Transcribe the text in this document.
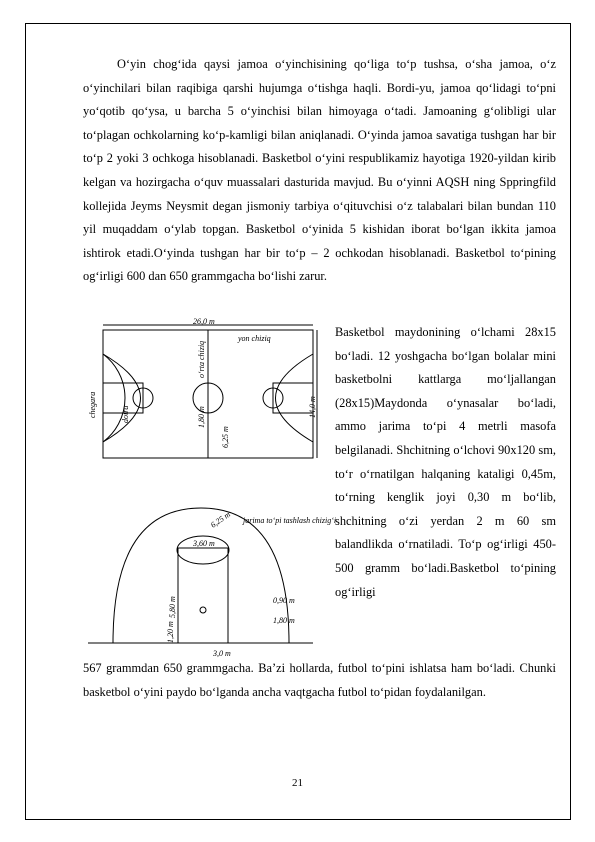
O‘yin chog‘ida qaysi jamoa o‘yinchisining qo‘liga to‘p tushsa, o‘sha jamoa, o‘z o‘yinchilari bilan raqibiga qarshi hujumga o‘tishga haqli. Bordi-yu, jamoa qo‘lidagi to‘pni yo‘qotib qo‘ysa, u barcha 5 o‘yinchisi bilan himoyaga o‘tadi. Jamoaning g‘olibligi ular to‘plagan ochkolarning ko‘p-kamligi bilan aniqlanadi. O‘yinda jamoa savatiga tushgan har bir to‘p 2 yoki 3 ochkoga hisoblanadi. Basketbol o‘yini respublikamiz hayotiga 1920-yildan kirib kelgan va hozirgacha o‘quv muassalari dasturida mavjud. Bu o‘yinni AQSH ning Sppringfild kollejida Jeyms Neysmit degan jismoniy tarbiya o‘qituvchisi o‘z talabalari bilan bundan 110 yil muqaddam o‘ylab topgan. Basketbol o‘yinida 5 kishidan iborat bo‘lgan ikkita jamoa ishtirok etadi.O‘yinda tushgan har bir to‘p – 2 ochkodan hisoblanadi. Basketbol to‘pining og‘irligi 600 dan 650 grammgacha bo‘lishi zarur.

26,0 m
yon chiziq
14,0 m
o‘rta chiziq
1,80 m
6,25 m
chegara	doira
3,60 m
jarima to‘pi tashlash chizig‘i
5,80 m
3,0 m
1,20 m
0,90 m
1,80 m
6,25 m

Basketbol maydonining o‘lchami 28x15 bo‘ladi. 12 yoshgacha bo‘lgan bolalar mini basketbolni kattlarga mo‘ljallangan (28x15)Maydonda o‘ynasalar bo‘ladi, ammo jarima to‘pi 4 metrli masofa belgilanadi. Shchitning o‘lchovi 90x120 sm, to‘r o‘rnatilgan halqaning kataligi 0,45m, to‘rning kenglik joyi 0,30 m bo‘lib, shchitning o‘zi yerdan 2 m 60 sm balandlikda o‘rnatiladi. To‘p og‘irligi 450-500 gramm bo‘ladi.Basketbol to‘pining og‘irligi

567 grammdan 650 grammgacha. Ba’zi hollarda, futbol to‘pini ishlatsa ham bo‘ladi. Chunki basketbol o‘yini paydo bo‘lganda ancha vaqtgacha futbol to‘pidan foydalanilgan.

21
